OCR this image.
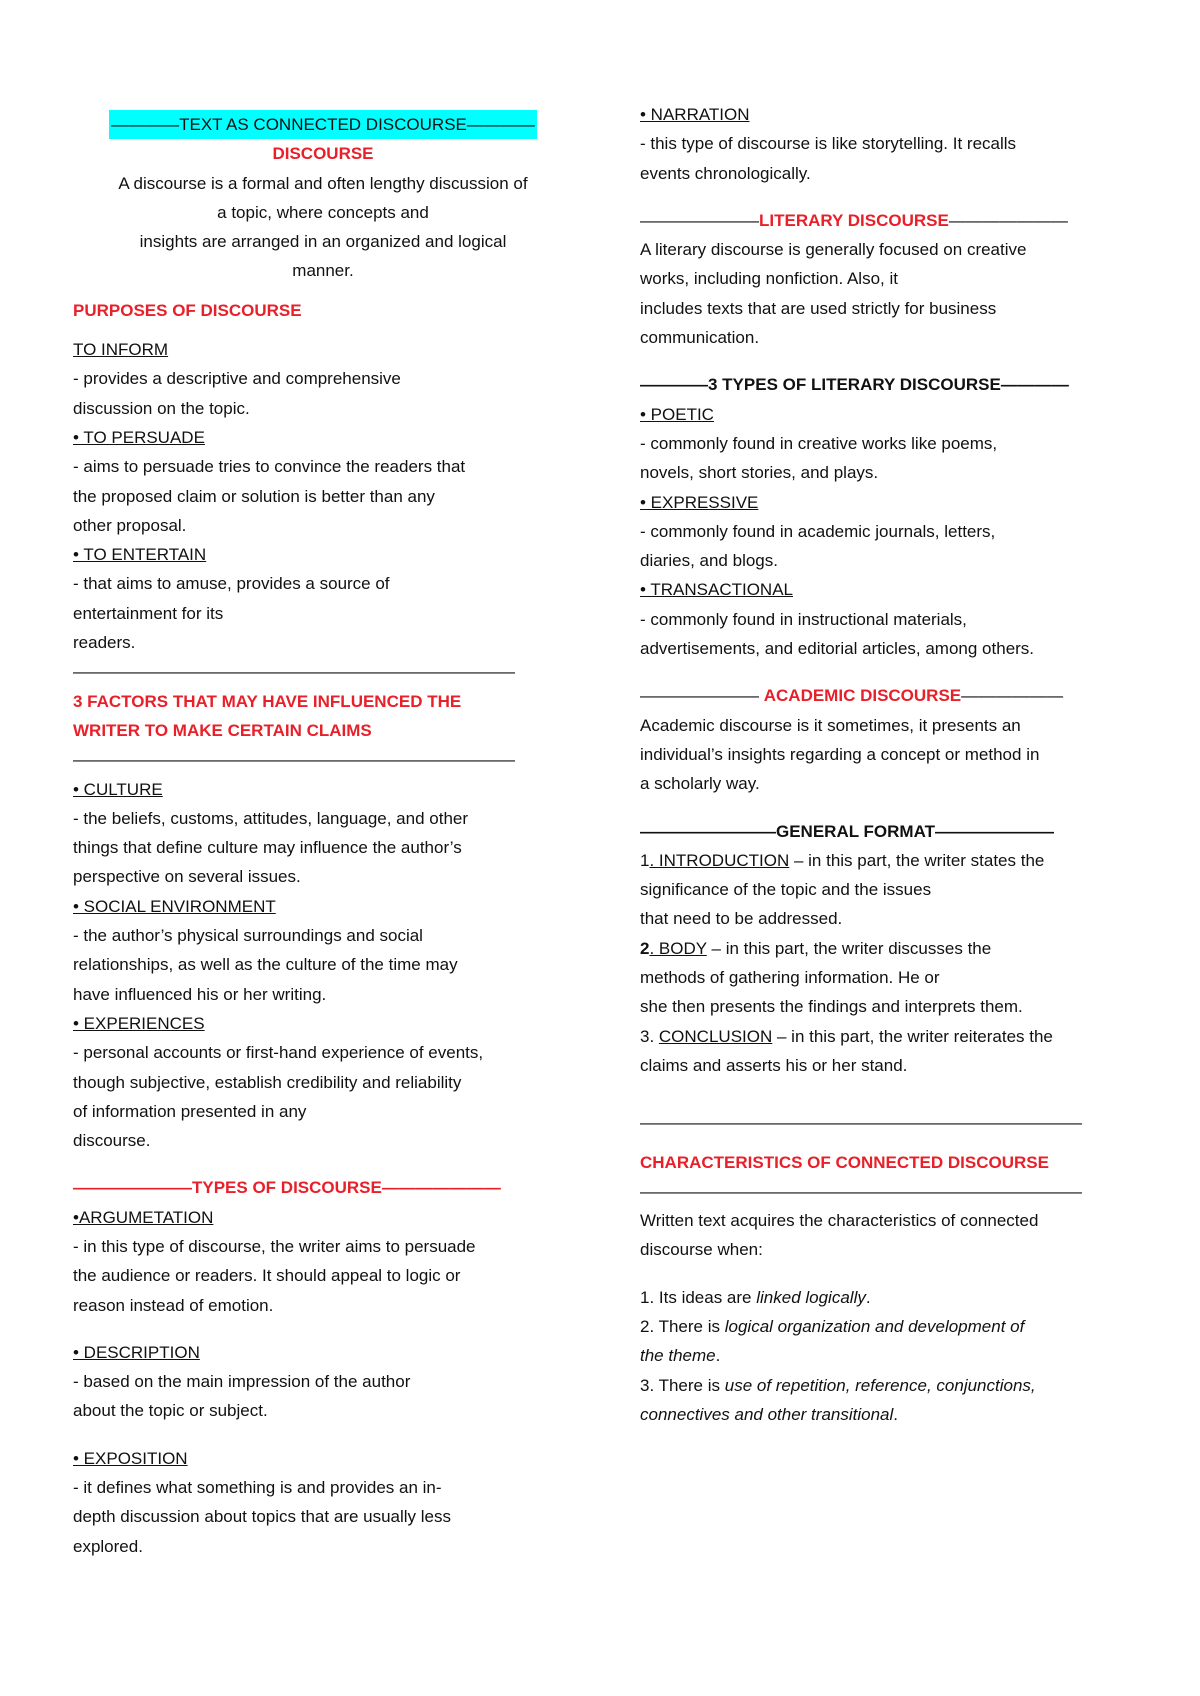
————TEXT AS CONNECTED DISCOURSE————
DISCOURSE
A discourse is a formal and often lengthy discussion of
a topic, where concepts and
insights are arranged in an organized and logical
manner.
PURPOSES OF DISCOURSE
TO INFORM
- provides a descriptive and comprehensive
discussion on the topic.
• TO PERSUADE
- aims to persuade tries to convince the readers that
the proposed claim or solution is better than any
other proposal.
• TO ENTERTAIN
- that aims to amuse, provides a source of
entertainment for its
readers.
——————————————————————————
3 FACTORS THAT MAY HAVE INFLUENCED THE
WRITER TO MAKE CERTAIN CLAIMS
——————————————————————————
• CULTURE
- the beliefs, customs, attitudes, language, and other
things that define culture may influence the author’s
perspective on several issues.
• SOCIAL ENVIRONMENT
- the author’s physical surroundings and social
relationships, as well as the culture of the time may
have influenced his or her writing.
• EXPERIENCES
- personal accounts or first-hand experience of events,
though subjective, establish credibility and reliability
of information presented in any
discourse.
———————TYPES OF DISCOURSE———————
•ARGUMETATION
- in this type of discourse, the writer aims to persuade
the audience or readers. It should appeal to logic or
reason instead of emotion.
• DESCRIPTION
- based on the main impression of the author
about the topic or subject.
• EXPOSITION
- it defines what something is and provides an in-
depth discussion about topics that are usually less
explored.
• NARRATION
- this type of discourse is like storytelling. It recalls
events chronologically.
———————LITERARY DISCOURSE———————
A literary discourse is generally focused on creative
works, including nonfiction. Also, it
includes texts that are used strictly for business
communication.
————3 TYPES OF LITERARY DISCOURSE————
• POETIC
- commonly found in creative works like poems,
novels, short stories, and plays.
• EXPRESSIVE
- commonly found in academic journals, letters,
diaries, and blogs.
• TRANSACTIONAL
- commonly found in instructional materials,
advertisements, and editorial articles, among others.
——————— ACADEMIC DISCOURSE——————
Academic discourse is it sometimes, it presents an
individual’s insights regarding a concept or method in
a scholarly way.
————————GENERAL FORMAT———————
1. INTRODUCTION – in this part, the writer states the
significance of the topic and the issues
that need to be addressed.
2. BODY – in this part, the writer discusses the
methods of gathering information. He or
she then presents the findings and interprets them.
3. CONCLUSION – in this part, the writer reiterates the
claims and asserts his or her stand.
——————————————————————————
CHARACTERISTICS OF CONNECTED DISCOURSE
——————————————————————————
Written text acquires the characteristics of connected
discourse when:
1. Its ideas are linked logically.
2. There is logical organization and development of
the theme.
3. There is use of repetition, reference, conjunctions,
connectives and other transitional.
